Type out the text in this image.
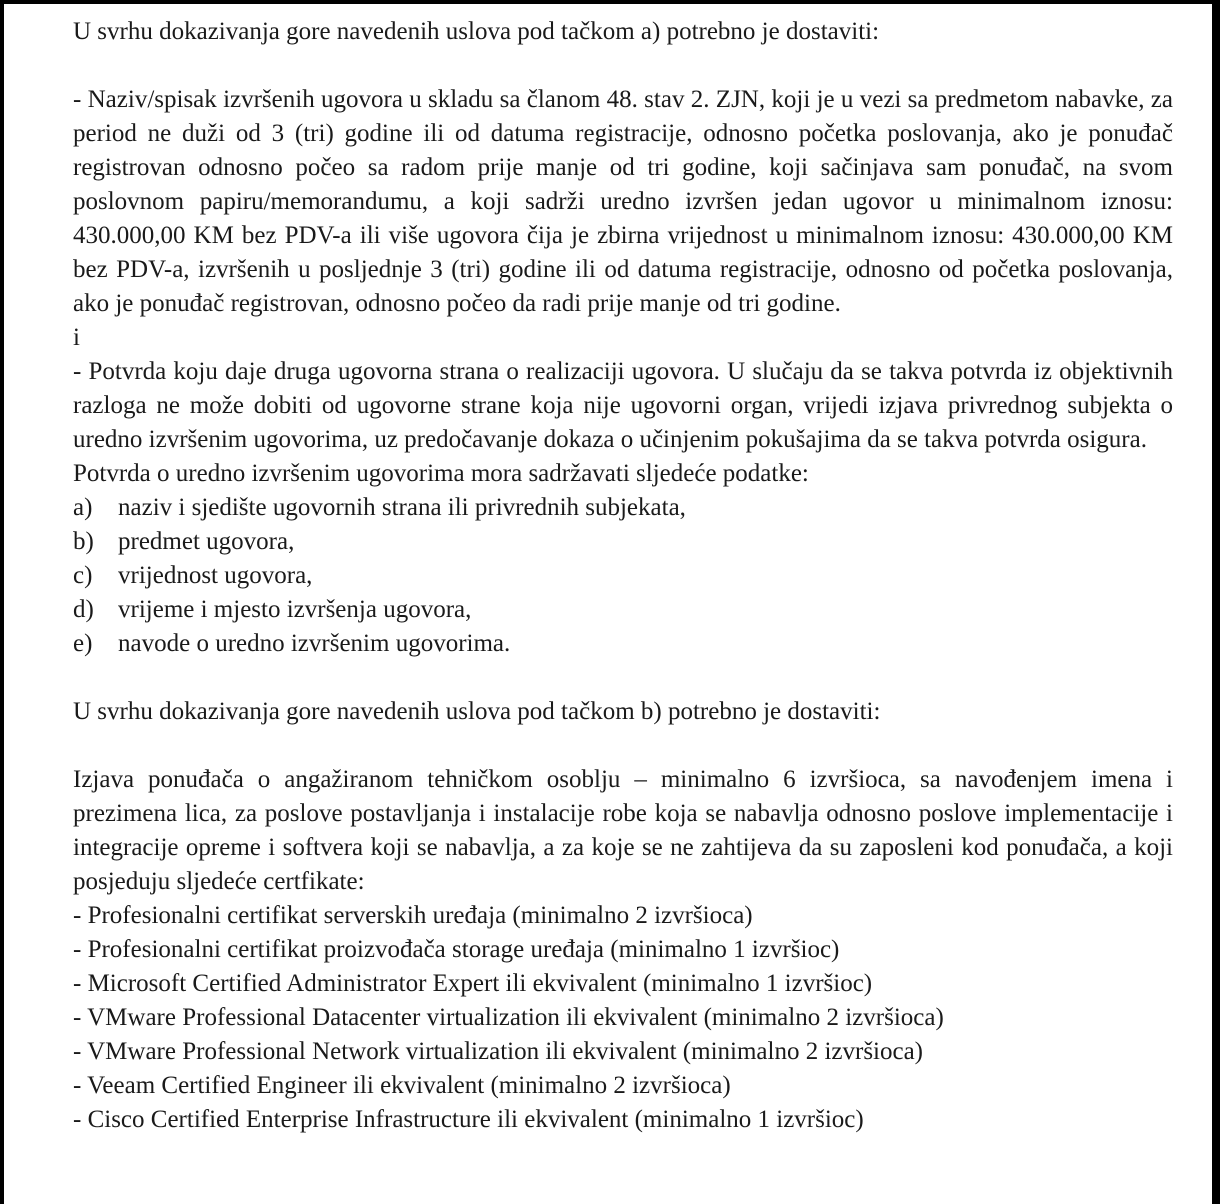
U svrhu dokazivanja gore navedenih uslova pod tačkom a) potrebno je dostaviti:

- Naziv/spisak izvršenih ugovora u skladu sa članom 48. stav 2. ZJN, koji je u vezi sa predmetom nabavke, za period ne duži od 3 (tri) godine ili od datuma registracije, odnosno početka poslovanja, ako je ponuđač registrovan odnosno počeo sa radom prije manje od tri godine, koji sačinjava sam ponuđač, na svom poslovnom papiru/memorandumu, a koji sadrži uredno izvršen jedan ugovor u minimalnom iznosu: 430.000,00 KM bez PDV-a ili više ugovora čija je zbirna vrijednost u minimalnom iznosu: 430.000,00 KM bez PDV-a, izvršenih u posljednje 3 (tri) godine ili od datuma registracije, odnosno od početka poslovanja, ako je ponuđač registrovan, odnosno počeo da radi prije manje od tri godine.

i

- Potvrda koju daje druga ugovorna strana o realizaciji ugovora. U slučaju da se takva potvrda iz objektivnih razloga ne može dobiti od ugovorne strane koja nije ugovorni organ, vrijedi izjava privrednog subjekta o uredno izvršenim ugovorima, uz predočavanje dokaza o učinjenim pokušajima da se takva potvrda osigura.

Potvrda o uredno izvršenim ugovorima mora sadržavati sljedeće podatke:

a)	naziv i sjedište ugovornih strana ili privrednih subjekata,
b) predmet ugovora,
c)	vrijednost ugovora,
d) vrijeme i mjesto izvršenja ugovora,
e)	navode o uredno izvršenim ugovorima.

U svrhu dokazivanja gore navedenih uslova pod tačkom b) potrebno je dostaviti:

Izjava ponuđača o angažiranom tehničkom osoblju – minimalno 6 izvršioca, sa navođenjem imena i prezimena lica, za poslove postavljanja i instalacije robe koja se nabavlja odnosno poslove implementacije i integracije opreme i softvera koji se nabavlja, a za koje se ne zahtijeva da su zaposleni kod ponuđača, a koji posjeduju sljedeće certfikate:

- Profesionalni certifikat serverskih uređaja (minimalno 2 izvršioca)

- Profesionalni certifikat proizvođača storage uređaja (minimalno 1 izvršioc)

- Microsoft Certified Administrator Expert ili ekvivalent (minimalno 1 izvršioc)

- VMware Professional Datacenter virtualization ili ekvivalent (minimalno 2 izvršioca)

- VMware Professional Network virtualization ili ekvivalent (minimalno 2 izvršioca)

- Veeam Certified Engineer ili ekvivalent (minimalno 2 izvršioca)

- Cisco Certified Enterprise Infrastructure ili ekvivalent (minimalno 1 izvršioc)
